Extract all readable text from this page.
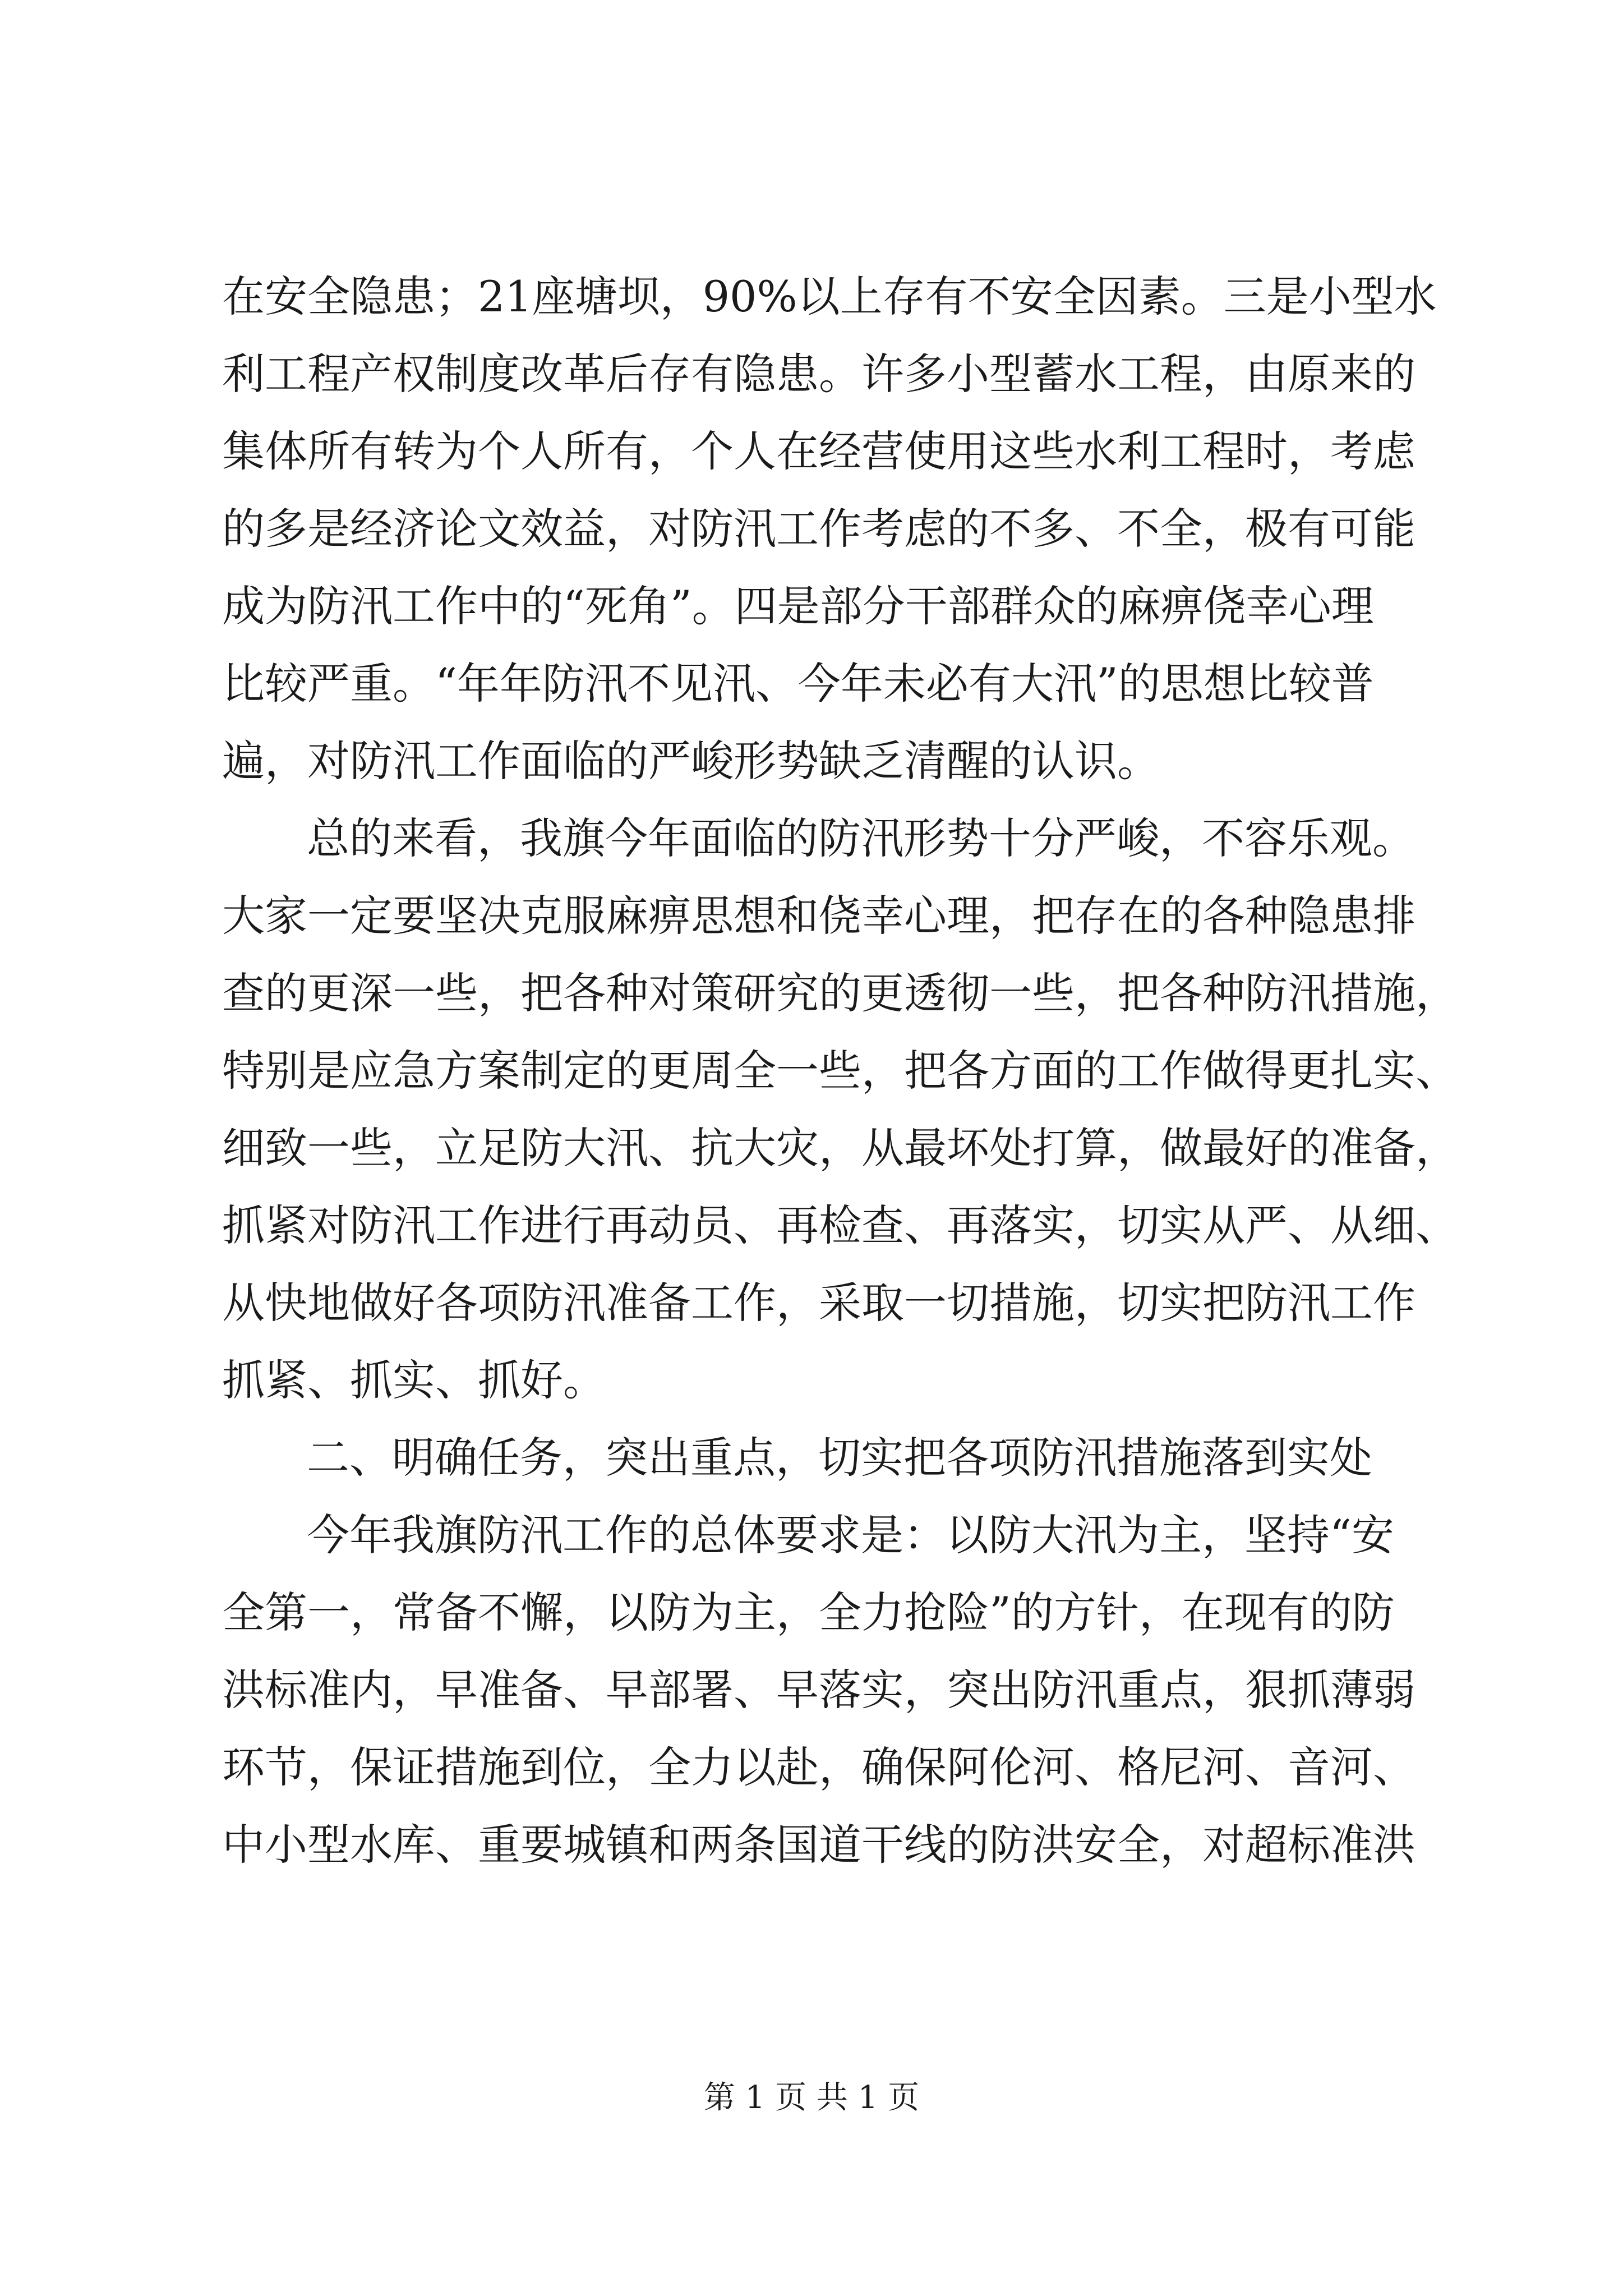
在安全隐患；21座塘坝，90%以上存有不安全因素。三是小型水
利工程产权制度改革后存有隐患。许多小型蓄水工程，由原来的
集体所有转为个人所有，个人在经营使用这些水利工程时，考虑
的多是经济论文效益，对防汛工作考虑的不多、不全，极有可能
成为防汛工作中的“死角”。四是部分干部群众的麻痹侥幸心理
比较严重。“年年防汛不见汛、今年未必有大汛”的思想比较普
遍，对防汛工作面临的严峻形势缺乏清醒的认识。
总的来看，我旗今年面临的防汛形势十分严峻，不容乐观。
大家一定要坚决克服麻痹思想和侥幸心理，把存在的各种隐患排
查的更深一些，把各种对策研究的更透彻一些，把各种防汛措施，
特别是应急方案制定的更周全一些，把各方面的工作做得更扎实、
细致一些，立足防大汛、抗大灾，从最坏处打算，做最好的准备，
抓紧对防汛工作进行再动员、再检查、再落实，切实从严、从细、
从快地做好各项防汛准备工作，采取一切措施，切实把防汛工作
抓紧、抓实、抓好。
二、明确任务，突出重点，切实把各项防汛措施落到实处
今年我旗防汛工作的总体要求是：以防大汛为主，坚持“安
全第一，常备不懈，以防为主，全力抢险”的方针，在现有的防
洪标准内，早准备、早部署、早落实，突出防汛重点，狠抓薄弱
环节，保证措施到位，全力以赴，确保阿伦河、格尼河、音河、
中小型水库、重要城镇和两条国道干线的防洪安全，对超标准洪
第 1 页 共 1 页
